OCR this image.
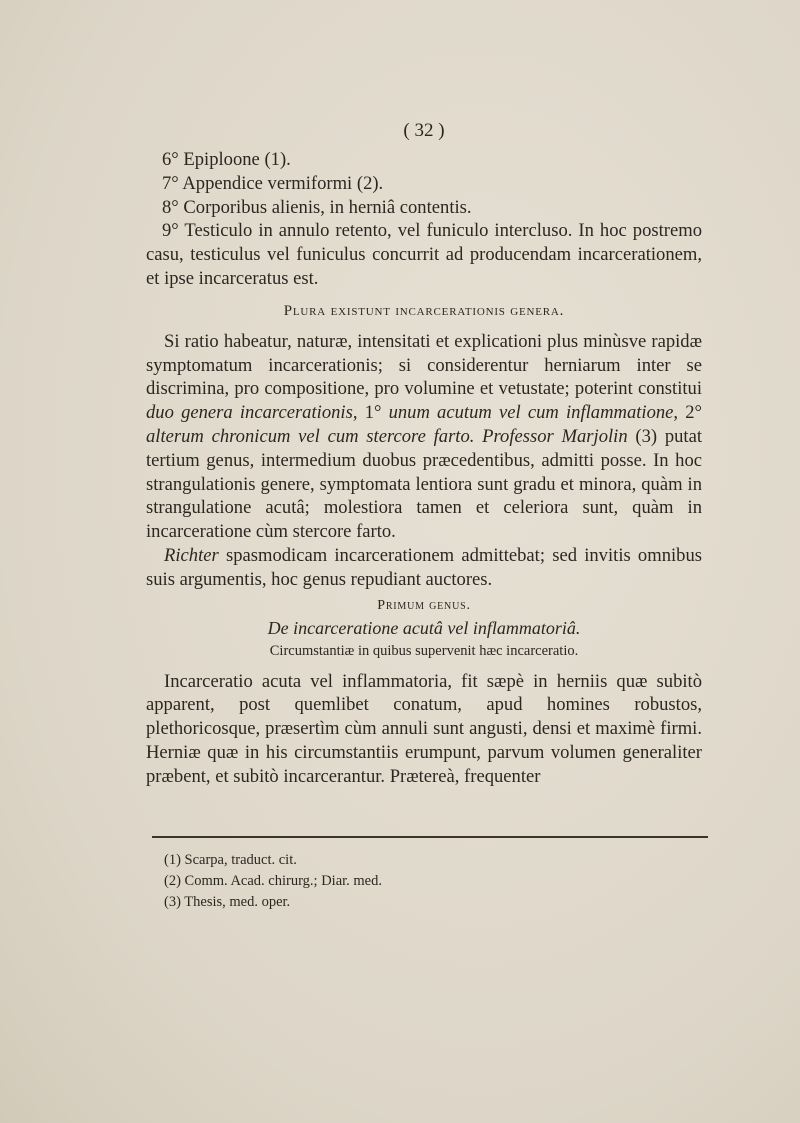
( 32 )

6° Epiploone (1).

7° Appendice vermiformi (2).

8° Corporibus alienis, in herniâ contentis.

9° Testiculo in annulo retento, vel funiculo intercluso. In hoc postremo casu, testiculus vel funiculus concurrit ad producendam incarcerationem, et ipse incarceratus est.

Plura existunt incarcerationis genera.

Si ratio habeatur, naturæ, intensitati et explicationi plus minùsve rapidæ symptomatum incarcerationis; si considerentur herniarum inter se discrimina, pro compositione, pro volumine et vetustate; poterint constitui duo genera incarcerationis, 1° unum acutum vel cum inflammatione, 2° alterum chronicum vel cum stercore farto. Professor Marjolin (3) putat tertium genus, intermedium duobus præcedentibus, admitti posse. In hoc strangulationis genere, symptomata lentiora sunt gradu et minora, quàm in strangulatione acutâ; molestiora tamen et celeriora sunt, quàm in incarceratione cùm stercore farto.

Richter spasmodicam incarcerationem admittebat; sed invitis omnibus suis argumentis, hoc genus repudiant auctores.

Primum genus.
De incarceratione acutâ vel inflammatoriâ.
Circumstantiæ in quibus supervenit hæc incarceratio.

Incarceratio acuta vel inflammatoria, fit sæpè in herniis quæ subitò apparent, post quemlibet conatum, apud homines robustos, plethoricosque, præsertìm cùm annuli sunt angusti, densi et maximè firmi. Herniæ quæ in his circumstantiis erumpunt, parvum volumen generaliter præbent, et subitò incarcerantur. Prætereà, frequenter

(1) Scarpa, traduct. cit.

(2) Comm. Acad. chirurg.; Diar. med.

(3) Thesis, med. oper.
